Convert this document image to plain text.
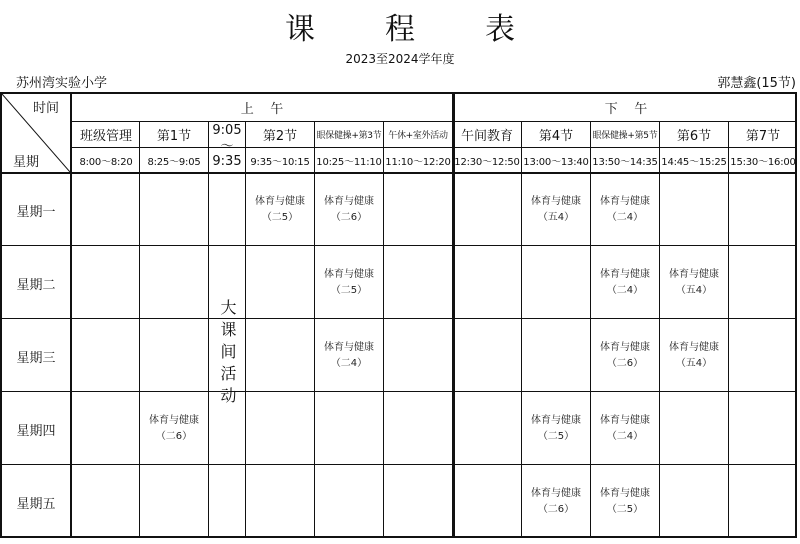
课程表
2023至2024学年度
苏州湾实验小学	郭慧鑫(15节)
时间
星期
上    午	下    午
班级管理
8:00～8:20
第1节
8:25～9:05
第2节
9:35～10:15
眼保健操+第3节
10:25～11:10
午休+室外活动
11:10～12:20
午间教育
12:30～12:50
第4节
13:00～13:40
眼保健操+第5节
13:50～14:35
第6节
14:45～15:25
第7节
15:30～16:00
9:05
～
9:35
大课间活动
星期一
星期二
星期三
星期四
星期五
体育与健康
（二5）
体育与健康
（二6）
体育与健康
（五4）
体育与健康
（二4）
体育与健康
（二5）
体育与健康
（二4）
体育与健康
（五4）
体育与健康
（二4）
体育与健康
（二6）
体育与健康
（五4）
体育与健康
（二6）
体育与健康
（二5）
体育与健康
（二4）
体育与健康
（二6）
体育与健康
（二5）
